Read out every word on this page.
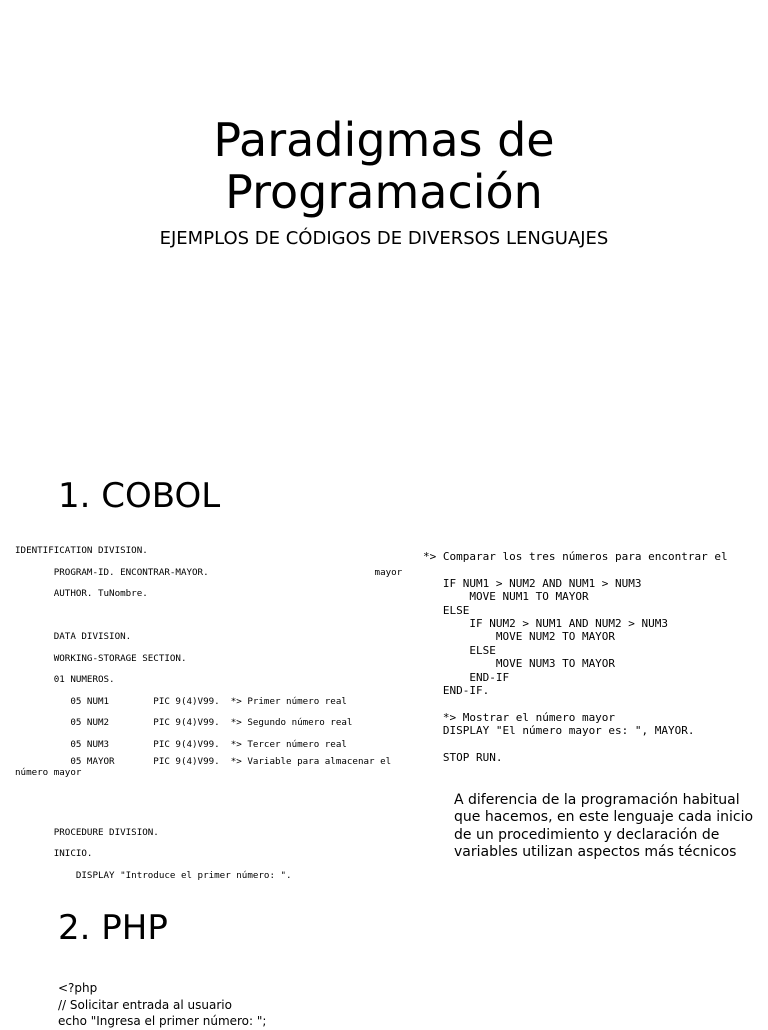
Paradigmas de
Programación
EJEMPLOS DE CÓDIGOS DE DIVERSOS LENGUAJES
1. COBOL
IDENTIFICATION DIVISION.
PROGRAM-ID. ENCONTRAR-MAYOR.                              mayor
AUTHOR. TuNombre.
DATA DIVISION.
WORKING-STORAGE SECTION.
01 NUMEROS.
05 NUM1        PIC 9(4)V99.  *> Primer número real
05 NUM2        PIC 9(4)V99.  *> Segundo número real
05 NUM3        PIC 9(4)V99.  *> Tercer número real
05 MAYOR       PIC 9(4)V99.  *> Variable para almacenar el
número mayor
PROCEDURE DIVISION.
INICIO.
DISPLAY "Introduce el primer número: ".
*> Comparar los tres números para encontrar el
IF NUM1 > NUM2 AND NUM1 > NUM3
MOVE NUM1 TO MAYOR
ELSE
IF NUM2 > NUM1 AND NUM2 > NUM3
MOVE NUM2 TO MAYOR
ELSE
MOVE NUM3 TO MAYOR
END-IF
END-IF.
*> Mostrar el número mayor
DISPLAY "El número mayor es: ", MAYOR.
STOP RUN.
A diferencia de la programación habitual que hacemos, en este lenguaje cada inicio de un procedimiento y declaración de variables utilizan aspectos más técnicos
2. PHP
<?php
// Solicitar entrada al usuario
echo "Ingresa el primer número: ";
